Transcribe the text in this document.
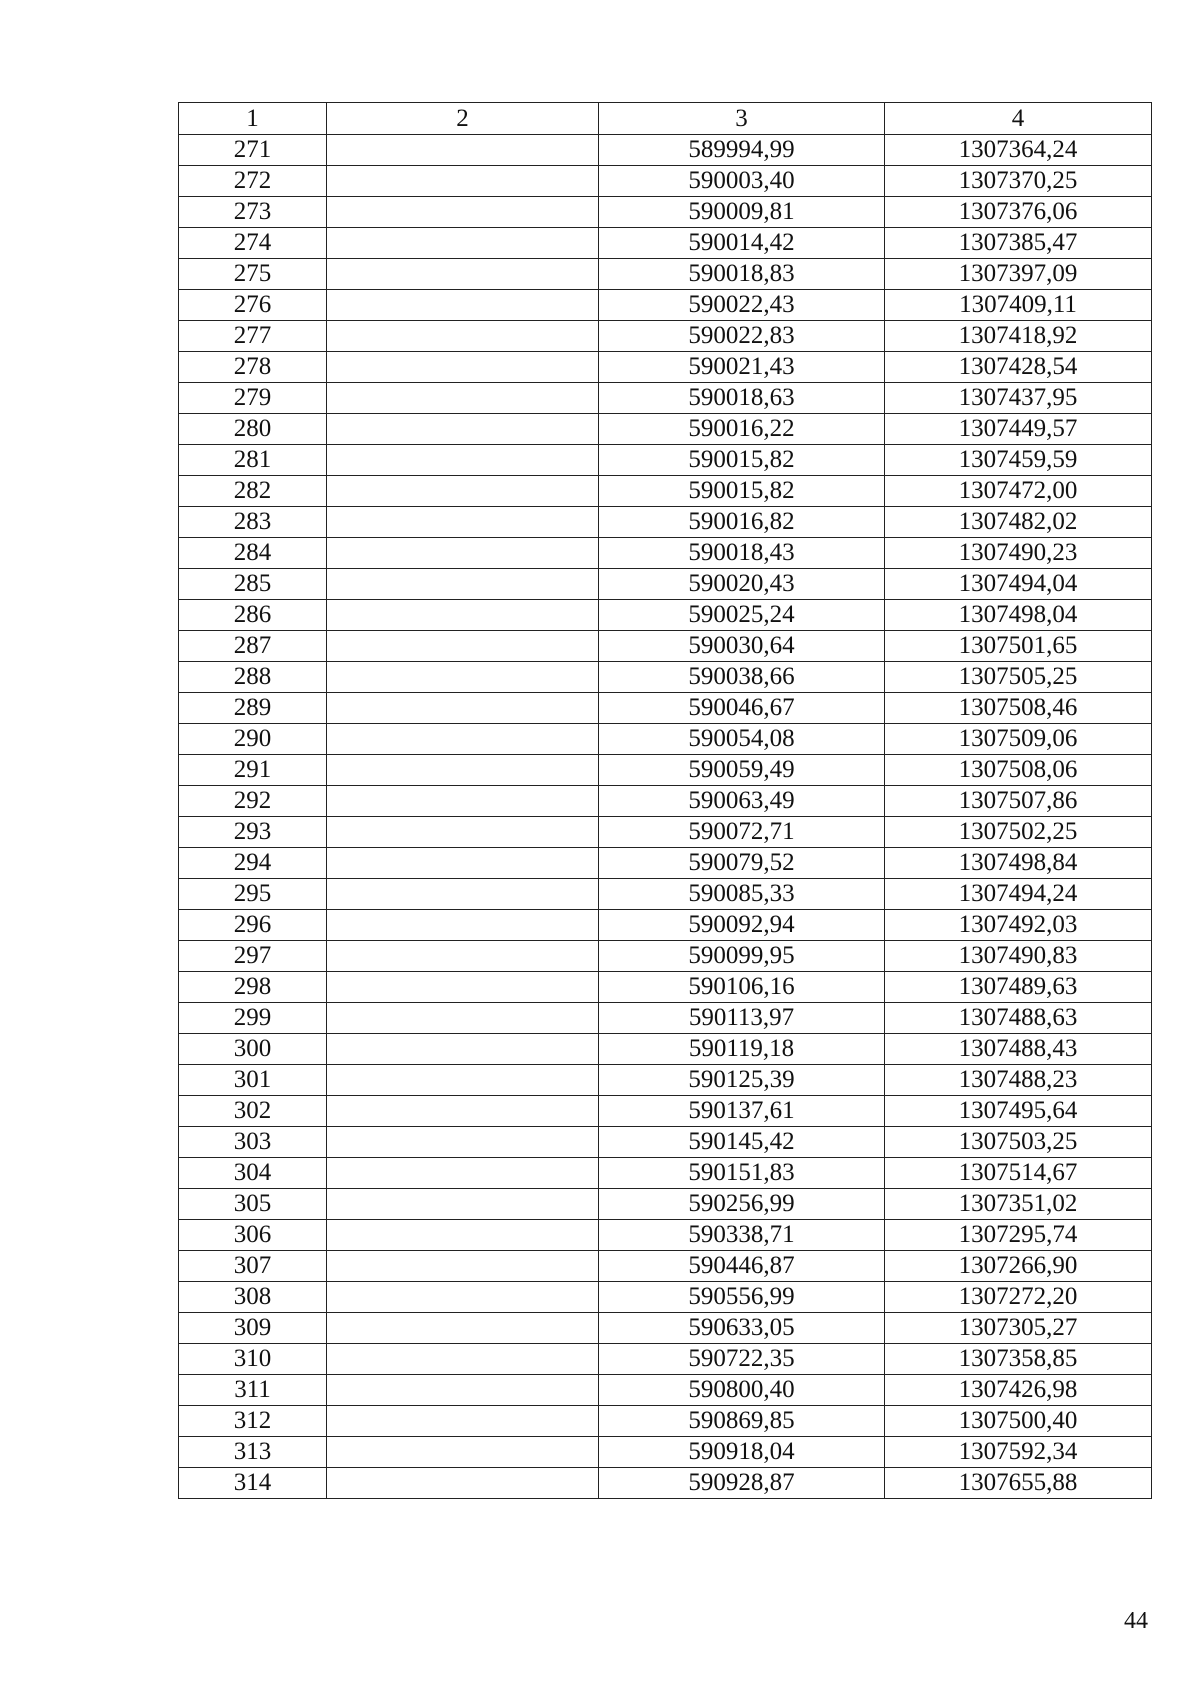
1	2	3	4
271		589994,99	1307364,24
272		590003,40	1307370,25
273		590009,81	1307376,06
274		590014,42	1307385,47
275		590018,83	1307397,09
276		590022,43	1307409,11
277		590022,83	1307418,92
278		590021,43	1307428,54
279		590018,63	1307437,95
280		590016,22	1307449,57
281		590015,82	1307459,59
282		590015,82	1307472,00
283		590016,82	1307482,02
284		590018,43	1307490,23
285		590020,43	1307494,04
286		590025,24	1307498,04
287		590030,64	1307501,65
288		590038,66	1307505,25
289		590046,67	1307508,46
290		590054,08	1307509,06
291		590059,49	1307508,06
292		590063,49	1307507,86
293		590072,71	1307502,25
294		590079,52	1307498,84
295		590085,33	1307494,24
296		590092,94	1307492,03
297		590099,95	1307490,83
298		590106,16	1307489,63
299		590113,97	1307488,63
300		590119,18	1307488,43
301		590125,39	1307488,23
302		590137,61	1307495,64
303		590145,42	1307503,25
304		590151,83	1307514,67
305		590256,99	1307351,02
306		590338,71	1307295,74
307		590446,87	1307266,90
308		590556,99	1307272,20
309		590633,05	1307305,27
310		590722,35	1307358,85
311		590800,40	1307426,98
312		590869,85	1307500,40
313		590918,04	1307592,34
314		590928,87	1307655,88
44
